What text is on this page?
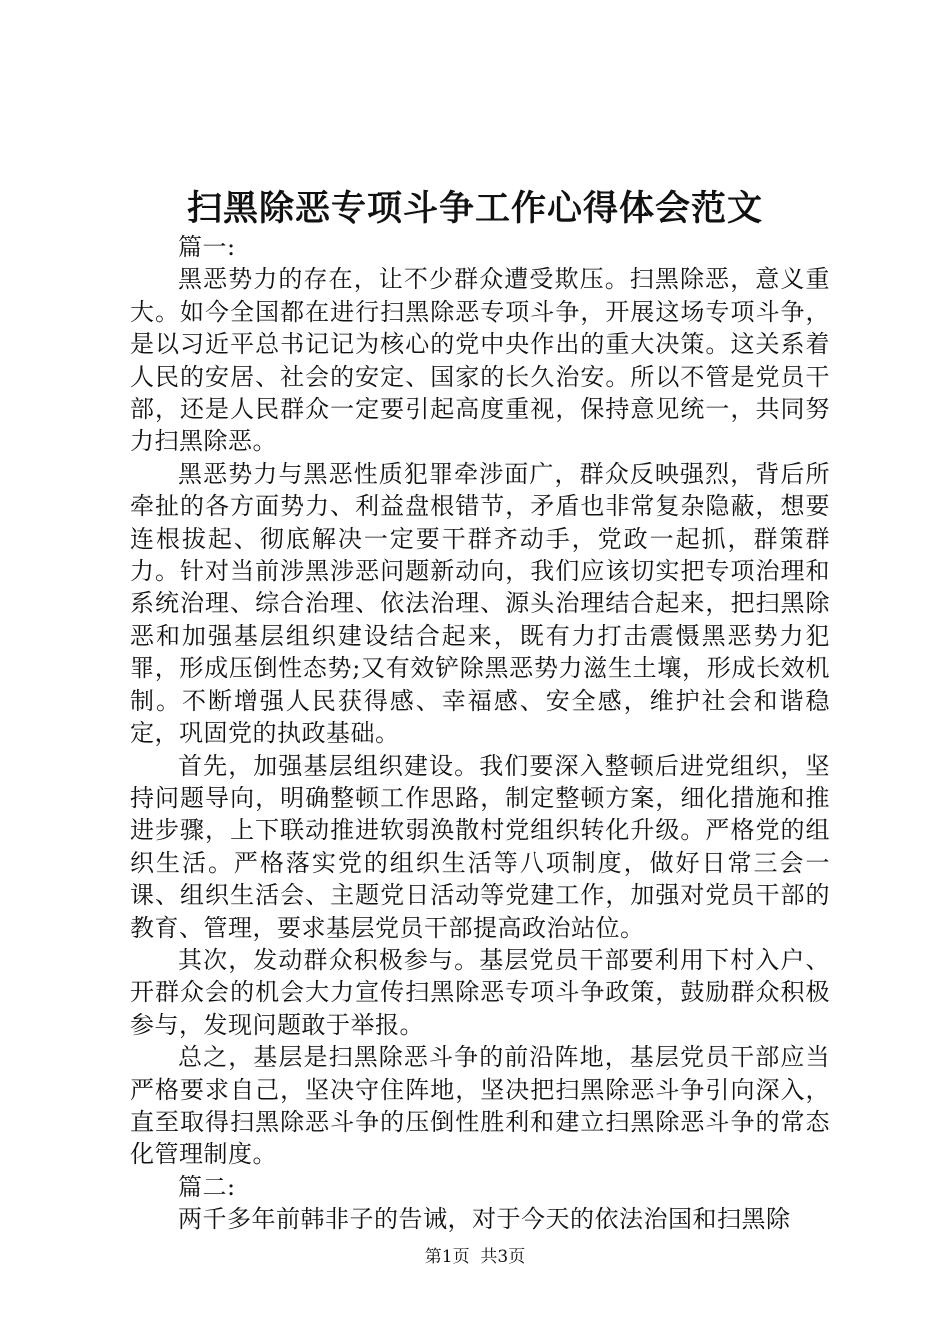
扫黑除恶专项斗争工作心得体会范文

篇一:

黑恶势力的存在，让不少群众遭受欺压。扫黑除恶，意义重大。如今全国都在进行扫黑除恶专项斗争，开展这场专项斗争，是以习近平总书记记为核心的党中央作出的重大决策。这关系着人民的安居、社会的安定、国家的长久治安。所以不管是党员干部，还是人民群众一定要引起高度重视，保持意见统一，共同努力扫黑除恶。

黑恶势力与黑恶性质犯罪牵涉面广，群众反映强烈，背后所牵扯的各方面势力、利益盘根错节，矛盾也非常复杂隐蔽，想要连根拔起、彻底解决一定要干群齐动手，党政一起抓，群策群力。针对当前涉黑涉恶问题新动向，我们应该切实把专项治理和系统治理、综合治理、依法治理、源头治理结合起来，把扫黑除恶和加强基层组织建设结合起来，既有力打击震慑黑恶势力犯罪，形成压倒性态势;又有效铲除黑恶势力滋生土壤，形成长效机制。不断增强人民获得感、幸福感、安全感，维护社会和谐稳定，巩固党的执政基础。

首先，加强基层组织建设。我们要深入整顿后进党组织，坚持问题导向，明确整顿工作思路，制定整顿方案，细化措施和推进步骤，上下联动推进软弱涣散村党组织转化升级。严格党的组织生活。严格落实党的组织生活等八项制度，做好日常三会一课、组织生活会、主题党日活动等党建工作，加强对党员干部的教育、管理，要求基层党员干部提高政治站位。

其次，发动群众积极参与。基层党员干部要利用下村入户、开群众会的机会大力宣传扫黑除恶专项斗争政策，鼓励群众积极参与，发现问题敢于举报。

总之，基层是扫黑除恶斗争的前沿阵地，基层党员干部应当严格要求自己，坚决守住阵地，坚决把扫黑除恶斗争引向深入，直至取得扫黑除恶斗争的压倒性胜利和建立扫黑除恶斗争的常态化管理制度。

篇二:

两千多年前韩非子的告诫，对于今天的依法治国和扫黑除

第1页  共3页
